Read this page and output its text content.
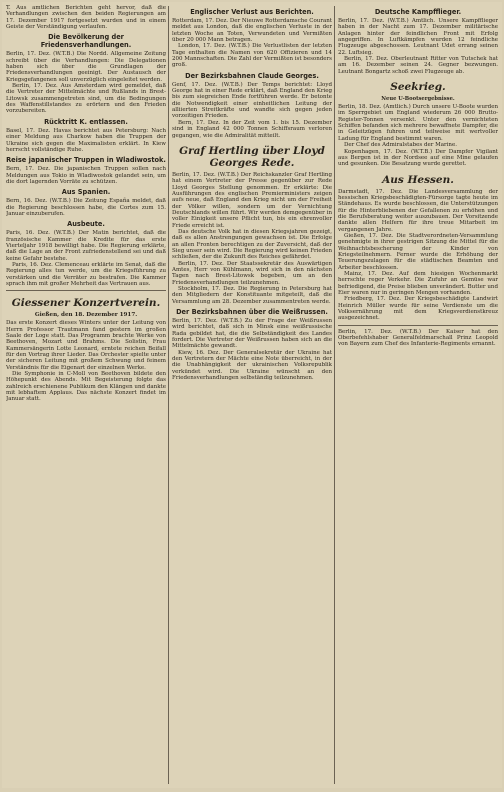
T. Aus amtlichen Berichten geht hervor, daß die Verhandlungen zwischen den beiden Regierungen am 17. Dezember 1917 fortgesetzt wurden und in einem Geiste der Verständigung verlaufen.

Die Bevölkerung der Friedensverhandlungen.

Berlin, 17. Dez. (W.T.B.) Die Nordd. Allgemeine Zeitung schreibt über die Verhandlungen: Die Delegationen haben sich über die Grundlagen der Friedensverhandlungen geeinigt. Der Austausch der Kriegsgefangenen soll unverzüglich eingeleitet werden.

Berlin, 17. Dez. Aus Amsterdam wird gemeldet, daß die Vertreter der Mittelmächte und Rußlands in Brest-Litowsk zusammengetreten sind, um die Bedingungen des Waffenstillstandes zu erörtern und den Frieden vorzubereiten.

Rücktritt K. entlassen.

Basel, 17. Dez. Havas berichtet aus Petersburg: Nach einer Meldung aus Charkow haben die Truppen der Ukraine sich gegen die Maximalisten erklärt. In Kiew herrscht vollständige Ruhe.

Reise japanischer Truppen in Wladiwostok.

Bern, 17. Dez. Die japanischen Truppen sollen nach Meldungen aus Tokio in Wladiwostok gelandet sein, um die dort lagernden Vorräte zu schützen.

Aus Spanien.

Bern, 16. Dez. (W.T.B.) Die Zeitung España meldet, daß die Regierung beschlossen habe, die Cortes zum 15. Januar einzuberufen.

Ausbeute.

Paris, 16. Dez. (W.T.B.) Der Matin berichtet, daß die französische Kammer die Kredite für das erste Vierteljahr 1918 bewilligt habe. Die Regierung erklärte, daß die Lage an der Front zufriedenstellend sei und daß keine Gefahr bestehe.

Paris, 16. Dez. Clemenceau erklärte im Senat, daß die Regierung alles tun werde, um die Kriegsführung zu verstärken und die Verräter zu bestrafen. Die Kammer sprach ihm mit großer Mehrheit das Vertrauen aus.

Giessener Konzertverein.
Gießen, den 18. Dezember 1917.

Das erste Konzert dieses Winters unter der Leitung von Herrn Professor Trautmann fand gestern im großen Saale der Loge statt. Das Programm brachte Werke von Beethoven, Mozart und Brahms. Die Solistin, Frau Kammersängerin Lotte Leonard, erntete reichen Beifall für den Vortrag ihrer Lieder. Das Orchester spielte unter der sicheren Leitung mit großem Schwung und feinem Verständnis für die Eigenart der einzelnen Werke.

Die Symphonie in C-Moll von Beethoven bildete den Höhepunkt des Abends. Mit Begeisterung folgte das zahlreich erschienene Publikum den Klängen und dankte mit lebhaftem Applaus. Das nächste Konzert findet im Januar statt.

Englischer Verlust aus Berichten.

Rotterdam, 17. Dez. Der Nieuwe Rotterdamsche Courant meldet aus London, daß die englischen Verluste in der letzten Woche an Toten, Verwundeten und Vermißten über 20 000 Mann betragen.

London, 17. Dez. (W.T.B.) Die Verlustlisten der letzten Tage enthalten die Namen von 620 Offizieren und 14 200 Mannschaften. Die Zahl der Vermißten ist besonders groß.

Der Bezirksbahnen Claude Georges.

Genf, 17. Dez. (W.T.B.) Der Temps berichtet: Lloyd George hat in einer Rede erklärt, daß England den Krieg bis zum siegreichen Ende fortführen werde. Er betonte die Notwendigkeit einer einheitlichen Leitung der alliierten Streitkräfte und wandte sich gegen jeden vorzeitigen Frieden.

Bern, 17. Dez. In der Zeit vom 1. bis 15. Dezember sind in England 42 000 Tonnen Schiffsraum verloren gegangen, wie die Admiralität mitteilt.

Graf Hertling über Lloyd Georges Rede.

Berlin, 17. Dez. (W.T.B.) Der Reichskanzler Graf Hertling hat einem Vertreter der Presse gegenüber zur Rede Lloyd Georges Stellung genommen. Er erklärte: Die Ausführungen des englischen Premierministers zeigen aufs neue, daß England den Krieg nicht um der Freiheit der Völker willen, sondern um der Vernichtung Deutschlands willen führt. Wir werden demgegenüber in voller Einigkeit unsere Pflicht tun, bis ein ehrenvoller Friede erreicht ist.

Das deutsche Volk hat in diesen Kriegsjahren gezeigt, daß es allen Anstrengungen gewachsen ist. Die Erfolge an allen Fronten berechtigen zu der Zuversicht, daß der Sieg unser sein wird. Die Regierung wird keinen Frieden schließen, der die Zukunft des Reiches gefährdet.

Berlin, 17. Dez. Der Staatssekretär des Auswärtigen Amtes, Herr von Kühlmann, wird sich in den nächsten Tagen nach Brest-Litowsk begeben, um an den Friedensverhandlungen teilzunehmen.

Stockholm, 17. Dez. Die Regierung in Petersburg hat den Mitgliedern der Konstituante mitgeteilt, daß die Versammlung am 28. Dezember zusammentreten werde.

Der Bezirksbahnen über die Weißrussen.

Berlin, 17. Dez. (W.T.B.) Zu der Frage der Weißrussen wird berichtet, daß sich in Minsk eine weißrussische Rada gebildet hat, die die Selbständigkeit des Landes fordert. Die Vertreter der Weißrussen haben sich an die Mittelmächte gewandt.

Kiew, 16. Dez. Der Generalsekretär der Ukraine hat den Vertretern der Mächte eine Note überreicht, in der die Unabhängigkeit der ukrainischen Volksrepublik verkündet wird. Die Ukraine wünscht an den Friedensverhandlungen selbständig teilzunehmen.

Deutsche Kampfflieger.

Berlin, 17. Dez. (W.T.B.) Amtlich. Unsere Kampfflieger haben in der Nacht zum 17. Dezember militärische Anlagen hinter der feindlichen Front mit Erfolg angegriffen. In Luftkämpfen wurden 12 feindliche Flugzeuge abgeschossen. Leutnant Udet errang seinen 22. Luftsieg.

Berlin, 17. Dez. Oberleutnant Ritter von Tutschek hat am 16. Dezember seinen 24. Gegner bezwungen. Leutnant Bongartz schoß zwei Flugzeuge ab.

Seekrieg.
Neue U-Bootsergebnisse.

Berlin, 18. Dez. (Amtlich.) Durch unsere U-Boote wurden im Sperrgebiet um England wiederum 26 000 Brutto-Register-Tonnen versenkt. Unter den vernichteten Schiffen befanden sich mehrere bewaffnete Dampfer, die in Geleitzügen fuhren und teilweise mit wertvoller Ladung für England bestimmt waren.

Der Chef des Admiralstabes der Marine.

Kopenhagen, 17. Dez. (W.T.B.) Der Dampfer Vigilant aus Bergen ist in der Nordsee auf eine Mine gelaufen und gesunken. Die Besatzung wurde gerettet.

Aus Hessen.

Darmstadt, 17. Dez. Die Landesversammlung der hessischen Kriegsbeschädigten-Fürsorge tagte heute im Ständehaus. Es wurde beschlossen, die Unterstützungen für die Hinterbliebenen der Gefallenen zu erhöhen und die Berufsberatung weiter auszubauen. Der Vorsitzende dankte allen Helfern für ihre treue Mitarbeit im vergangenen Jahre.

Gießen, 17. Dez. Die Stadtverordneten-Versammlung genehmigte in ihrer gestrigen Sitzung die Mittel für die Weihnachtsbescherung der Kinder von Kriegsteilnehmern. Ferner wurde die Erhöhung der Teuerungszulagen für die städtischen Beamten und Arbeiter beschlossen.

Mainz, 17. Dez. Auf dem hiesigen Wochenmarkt herrschte reger Verkehr. Die Zufuhr an Gemüse war befriedigend, die Preise blieben unverändert. Butter und Eier waren nur in geringen Mengen vorhanden.

Friedberg, 17. Dez. Der Kriegsbeschädigte Landwirt Heinrich Müller wurde für seine Verdienste um die Volksernährung mit dem Kriegsverdienstkreuz ausgezeichnet.

Berlin, 17. Dez. (W.T.B.) Der Kaiser hat den Oberbefehlshaber Generalfeldmarschall Prinz Leopold von Bayern zum Chef des Infanterie-Regiments ernannt.
